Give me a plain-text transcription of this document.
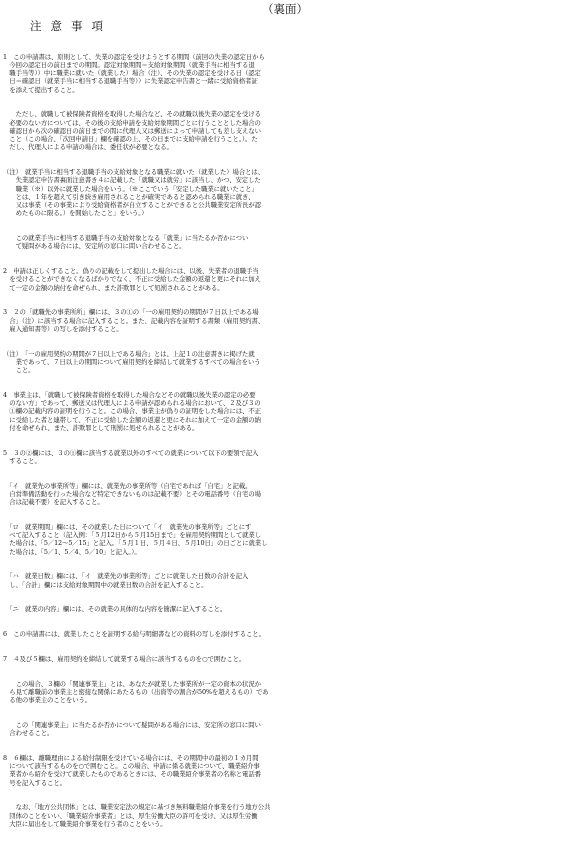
（裏面）
注意事項

1　この申請書は、原則として、失業の認定を受けようとする期間（前回の失業の認定日から
　今回の認定日の前日までの期間。認定対象期間＝支給対象期間（就業手当に相当する退
　職手当等））中に職業に就いた（就業した）場合（注）、その失業の認定を受ける日（認定
　日＝確認日（就業手当に相当する退職手当等））に失業認定申告書と一緒に受給資格者証
　を添えて提出すること。

　　ただし、就職して被保険者資格を取得した場合など、その就職以後失業の認定を受ける
　必要のない方については、その後の支給申請を支給対象期間ごとに行うこととした場合の
　確認日から次の確認日の前日までの間に代理人又は郵送によって申請しても差し支えない
　こと（この場合、「次回申請日」欄を確認の上、その日までに支給申請を行うこと。）。た
　だし、代理人による申請の場合は、委任状が必要となる。

（注）　就業手当に相当する退職手当の支給対象となる職業に就いた（就業した）場合とは、
　　失業認定申告書裏面注意書き４に記載した「就職又は就労」に該当し、かつ、安定した
　　職業（※）以外に就業した場合をいう。（※ここでいう「安定した職業に就いたこと」
　　とは、１年を超えて引き続き雇用されることが確実であると認められる職業に就き、
　　又は事業（その事業により受給資格者が自立することができると公共職業安定所長が認
　　めたものに限る。）を開始したこと」をいう。）

　　この就業手当に相当する退職手当の支給対象となる「就業」に当たるか否かについ
　　て疑問がある場合には、安定所の窓口に問い合わせること。

2　申請は正しくすること。偽りの記載をして提出した場合には、以後、失業者の退職手当
　を受けることができなくなるばかりでなく、不正に受給した金額の返還と更にそれに加え
　て一定の金額の納付を命ぜられ、また詐欺罪として処罰されることがある。

3　２の「就職先の事業所所」欄には、３の①の「一の雇用契約の期間が７日以上である場
　合」（注）に該当する場合に記入すること。また、記載内容を証明する書類（雇用契約書、
　雇入通知書等）の写しを添付すること。

（注）　「一の雇用契約の期間が７日以上である場合」とは、上記１の注意書きに掲げた就
　　業であって、７日以上の期間について雇用契約を締結して就業するすべての場合をいう
　　こと。

4　事業主は、「就職して被保険者資格を取得した場合などその就職以後失業の認定の必要
　のない方」であって、郵送又は代理人による申請が認められる場合において、２及び３の
　①欄の記載内容の証明を行うこと。この場合、事業主が偽りの証明をした場合には、不正
　に受給した者と連帯して、不正に受給した金額の返還と更にそれに加えて一定の金額の納
　付を命ぜられ、また、詐欺罪として刑罰に処せられることがある。

5　３の②欄には、３の①欄に該当する就業以外のすべての就業について以下の要領で記入
　すること。

　「イ　就業先の事業所等」欄には、就業先の事業所等（自宅であれば「自宅」と記載。
　自営準備活動を行った場合など特定できないものは記載不要）とその電話番号（自宅の場
　合は記載不要）を記入すること。

　「ロ　就業期間」欄には、その就業した日について「イ　就業先の事業所等」ごとにす
　べて記入すること（記入例：「５月12日から５月15日まで」を雇用契約期間として就業し
　た場合は、「5／12～5／15」と記入。「５月１日、５月４日、５月10日」の日ごとに就業し
　た場合は、「5／1、5／4、5／10」と記入。）。

　「ハ　就業日数」欄には、「イ　就業先の事業所等」ごとに就業した日数の合計を記入
　し、「合計」欄には支給対象期間中の就業日数の合計を記入すること。

　「ニ　就業の内容」欄には、その就業の具体的な内容を簡潔に記入すること。

6　この申請書には、就業したことを証明する給与明細書などの資料の写しを添付すること。

7　４及び５欄は、雇用契約を締結して就業する場合に該当するものを○で囲むこと。

　　この場合、３欄の「関連事業主」とは、あなたが就業した事業所が一定の資本の状況か
　ら見て離職前の事業主と密接な関係にあたるもの（出資等の割合が50%を超えるもの）であ
　る他の事業主のことをいう。

　　この「関連事業主」に当たるか否かについて疑問がある場合には、安定所の窓口に問い
　合わせること。

8　６欄は、離職理由による給付制限を受けている場合には、その期間中の最初の１カ月間
　について該当するものを○で囲むこと。この場合、申請に係る就業について、職業紹介事
　業者から紹介を受けて就業したものであるときには、その職業紹介事業者の名称と電話番
　号を記入すること。

　　なお、「地方公共団体」とは、職業安定法の規定に基づき無料職業紹介事業を行う地方公共
　団体のことをいい、「職業紹介事業者」とは、厚生労働大臣の許可を受け、又は厚生労働
　大臣に届出をして職業紹介事業を行う者のことをいう。
